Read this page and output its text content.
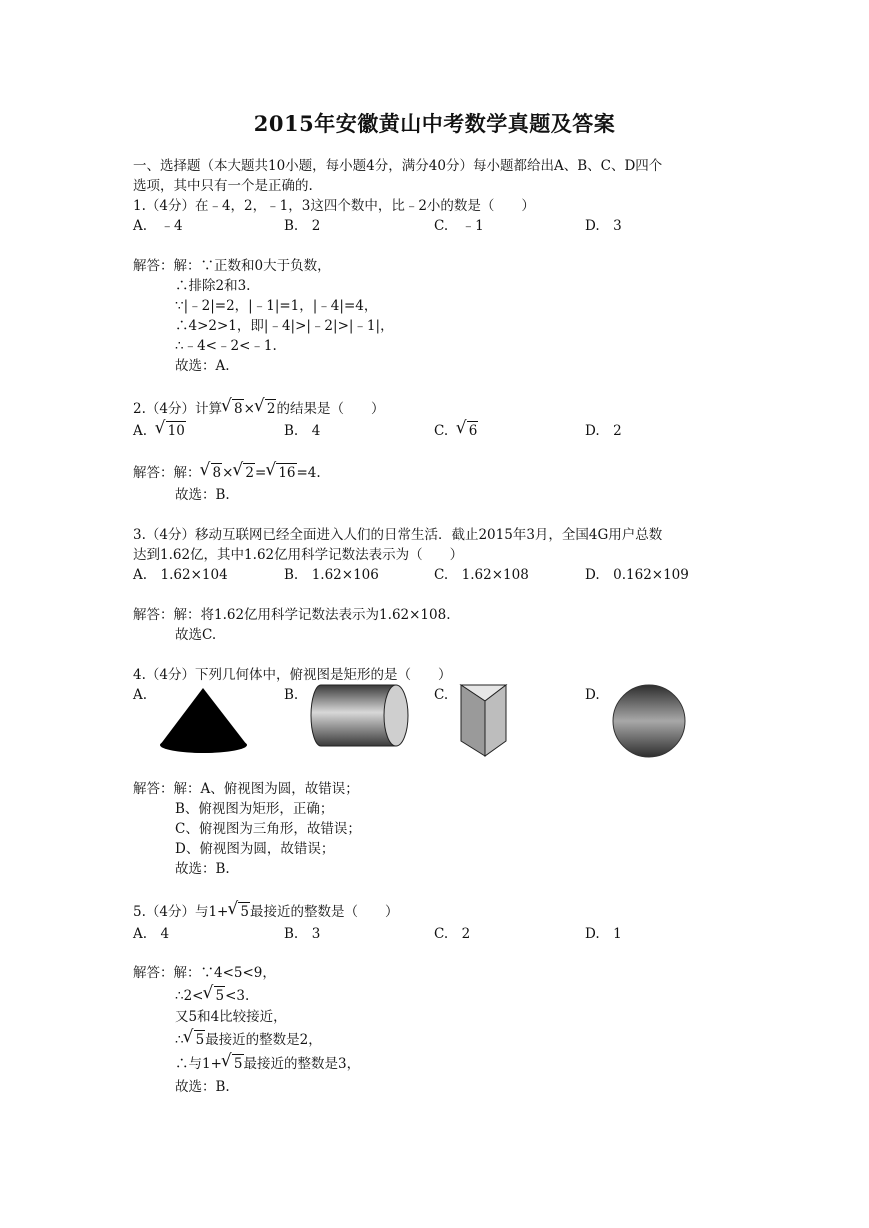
2015年安徽黄山中考数学真题及答案
一、选择题（本大题共10小题，每小题4分，满分40分）每小题都给出A、B、C、D四个
选项，其中只有一个是正确的.
1.（4分）在﹣4，2，﹣1，3这四个数中，比﹣2小的数是（　　）
A.　﹣4	B.　2	C.　﹣1	D.　3
解答：解：∵正数和0大于负数，
∴排除2和3.
∵|﹣2|=2，|﹣1|=1，|﹣4|=4，
∴4>2>1，即|﹣4|>|﹣2|>|﹣1|，
∴﹣4<﹣2<﹣1.
故选：A.
2.（4分）计算 √ 8× √ 2的结果是（　　）
A. √ 10	B.　4	C. √ 6	D.　2
解答：解： √ 8× √ 2= √ 16=4.
故选：B.
3.（4分）移动互联网已经全面进入人们的日常生活．截止2015年3月，全国4G用户总数
达到1.62亿，其中1.62亿用科学记数法表示为（　　）
A.　1.62×104	B.　1.62×106	C.　1.62×108	D.　0.162×109
解答：解：将1.62亿用科学记数法表示为1.62×108.
故选C.
4.（4分）下列几何体中，俯视图是矩形的是（　　）
A.	B.	C.	D.
解答：解：A、俯视图为圆，故错误；
B、俯视图为矩形，正确；
C、俯视图为三角形，故错误；
D、俯视图为圆，故错误；
故选：B.
5.（4分）与1+ √ 5最接近的整数是（　　）
A.　4	B.　3	C.　2	D.　1
解答：解：∵4<5<9，
∴2< √ 5<3.
又5和4比较接近，
∴ √ 5最接近的整数是2，
∴与1+ √ 5最接近的整数是3，
故选：B.
